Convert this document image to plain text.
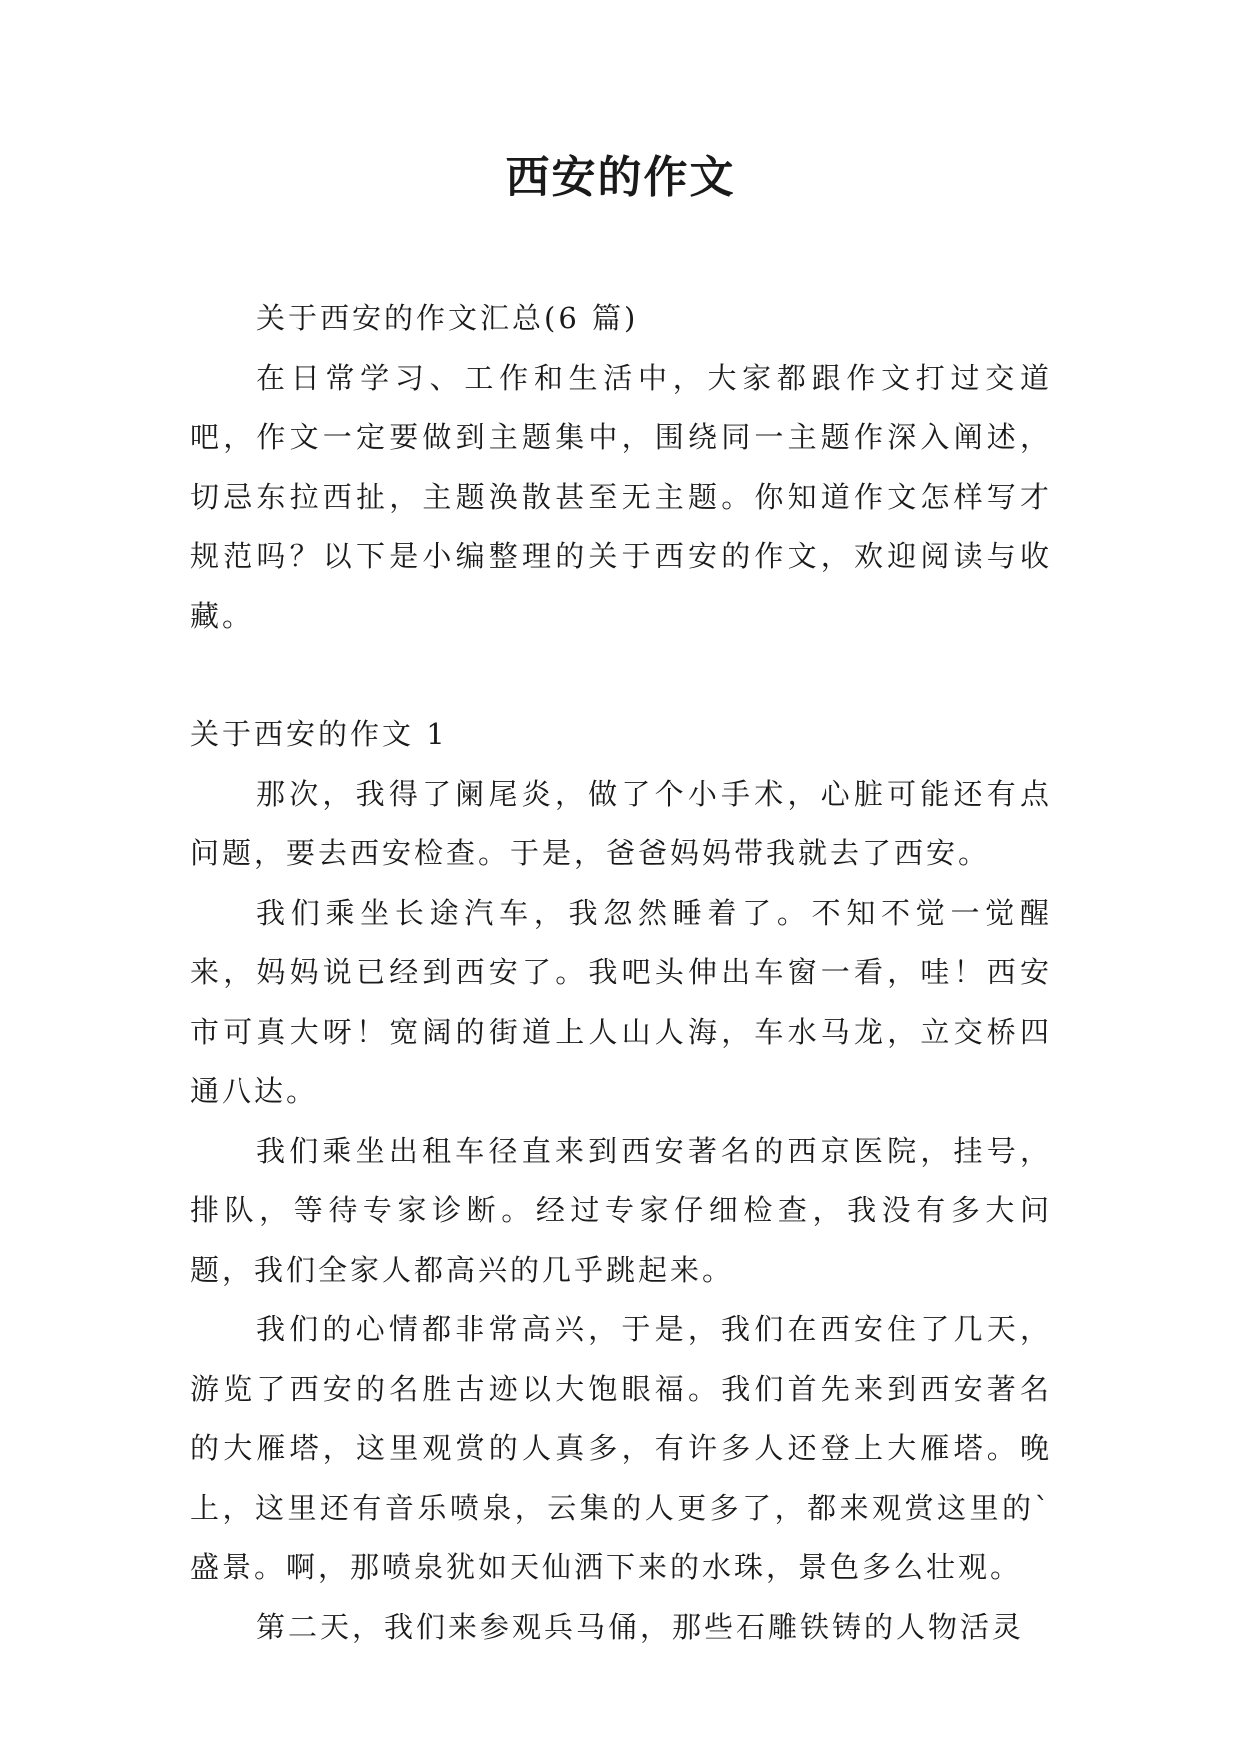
西安的作文

关于西安的作文汇总(6 篇)

在日常学习、工作和生活中，大家都跟作文打过交道吧，作文一定要做到主题集中，围绕同一主题作深入阐述，切忌东拉西扯，主题涣散甚至无主题。你知道作文怎样写才规范吗？以下是小编整理的关于西安的作文，欢迎阅读与收藏。

关于西安的作文 1

那次，我得了阑尾炎，做了个小手术，心脏可能还有点问题，要去西安检查。于是，爸爸妈妈带我就去了西安。

我们乘坐长途汽车，我忽然睡着了。不知不觉一觉醒来，妈妈说已经到西安了。我吧头伸出车窗一看，哇！西安市可真大呀！宽阔的街道上人山人海，车水马龙，立交桥四通八达。

我们乘坐出租车径直来到西安著名的西京医院，挂号，排队，等待专家诊断。经过专家仔细检查，我没有多大问题，我们全家人都高兴的几乎跳起来。

我们的心情都非常高兴，于是，我们在西安住了几天，游览了西安的名胜古迹以大饱眼福。我们首先来到西安著名的大雁塔，这里观赏的人真多，有许多人还登上大雁塔。晚上，这里还有音乐喷泉，云集的人更多了，都来观赏这里的`盛景。啊，那喷泉犹如天仙洒下来的水珠，景色多么壮观。

第二天，我们来参观兵马俑，那些石雕铁铸的人物活灵
